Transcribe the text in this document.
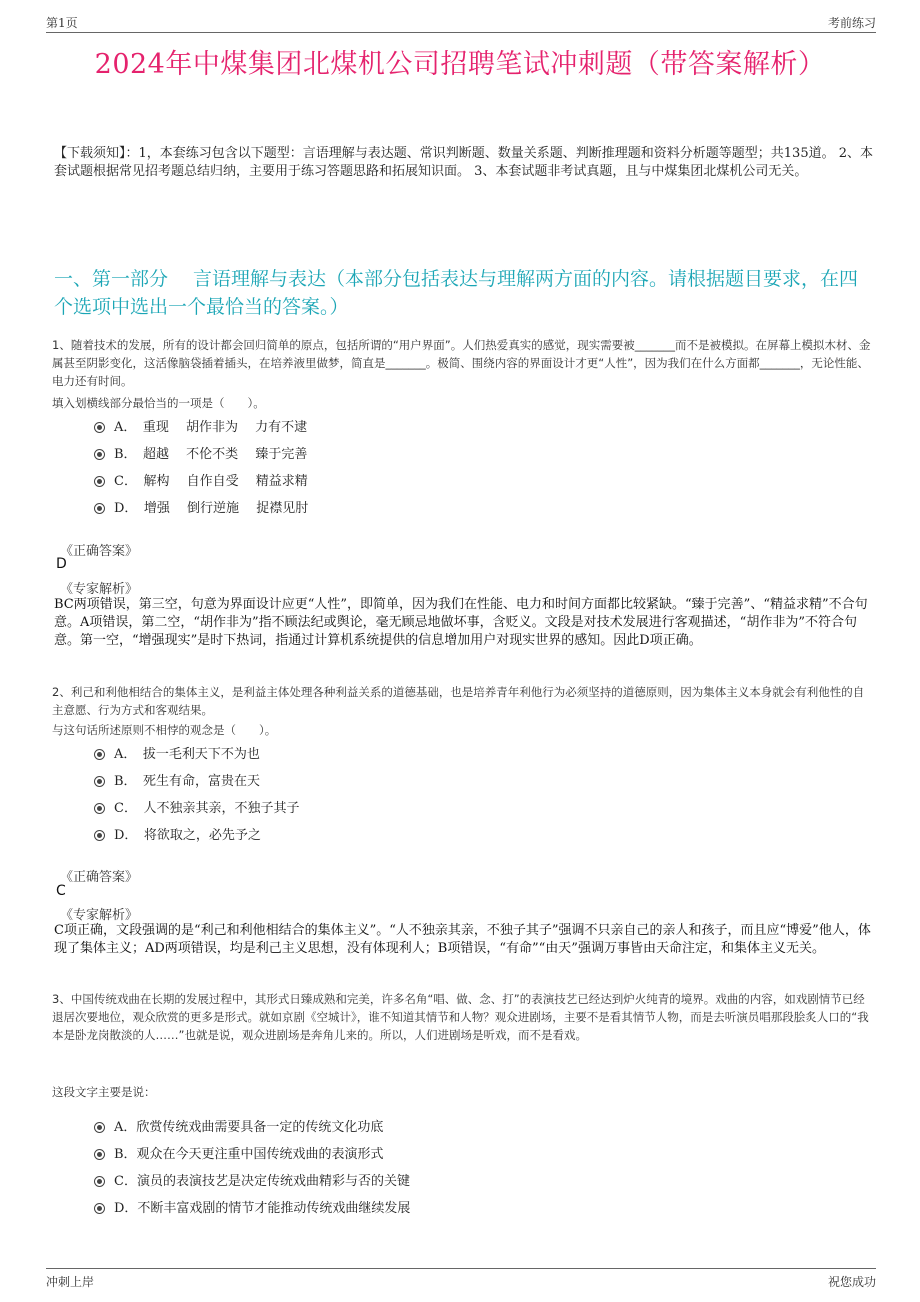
第1页	考前练习
2024年中煤集团北煤机公司招聘笔试冲刺题（带答案解析）
【下载须知】：1，本套练习包含以下题型：言语理解与表达题、常识判断题、数量关系题、判断推理题和资料分析题等题型；共135道。 2、本套试题根据常见招考题总结归纳，主要用于练习答题思路和拓展知识面。 3、本套试题非考试真题，且与中煤集团北煤机公司无关。
一、第一部分　 言语理解与表达（本部分包括表达与理解两方面的内容。请根据题目要求，在四个选项中选出一个最恰当的答案。）
1、随着技术的发展，所有的设计都会回归简单的原点，包括所谓的“用户界面”。人们热爱真实的感觉，现实需要被_______而不是被模拟。在屏幕上模拟木材、金属甚至阴影变化，这活像脑袋插着插头，在培养液里做梦，简直是_______。极简、围绕内容的界面设计才更“人性”，因为我们在什么方面都_______，无论性能、电力还有时间。
填入划横线部分最恰当的一项是（　　）。
A．　重现　 胡作非为　 力有不逮
B．　超越　 不伦不类　 臻于完善
C．　解构　 自作自受　 精益求精
D．　增强　 倒行逆施　 捉襟见肘
《正确答案》
D
《专家解析》
BC两项错误，第三空，句意为界面设计应更“人性”，即简单，因为我们在性能、电力和时间方面都比较紧缺。“臻于完善”、“精益求精”不合句意。A项错误，第二空，“胡作非为”指不顾法纪或舆论，毫无顾忌地做坏事，含贬义。文段是对技术发展进行客观描述，“胡作非为”不符合句意。第一空，“增强现实”是时下热词，指通过计算机系统提供的信息增加用户对现实世界的感知。因此D项正确。
2、利己和利他相结合的集体主义，是利益主体处理各种利益关系的道德基础，也是培养青年利他行为必须坚持的道德原则，因为集体主义本身就会有利他性的自主意愿、行为方式和客观结果。
与这句话所述原则不相悖的观念是（　　）。
A．　拔一毛利天下不为也
B．　死生有命，富贵在天
C．　人不独亲其亲，不独子其子
D．　将欲取之，必先予之
《正确答案》
C
《专家解析》
C项正确，文段强调的是“利己和利他相结合的集体主义”。“人不独亲其亲，不独子其子”强调不只亲自己的亲人和孩子，而且应“博爱”他人，体现了集体主义；AD两项错误，均是利己主义思想，没有体现利人；B项错误，“有命”“由天”强调万事皆由天命注定，和集体主义无关。
3、中国传统戏曲在长期的发展过程中，其形式日臻成熟和完美，许多名角“唱、做、念、打”的表演技艺已经达到炉火纯青的境界。戏曲的内容，如戏剧情节已经退居次要地位，观众欣赏的更多是形式。就如京剧《空城计》，谁不知道其情节和人物？观众进剧场，主要不是看其情节人物，而是去听演员唱那段脍炙人口的“我本是卧龙岗散淡的人……”也就是说，观众进剧场是奔角儿来的。所以，人们进剧场是听戏，而不是看戏。
这段文字主要是说：
A．欣赏传统戏曲需要具备一定的传统文化功底
B．观众在今天更注重中国传统戏曲的表演形式
C．演员的表演技艺是决定传统戏曲精彩与否的关键
D．不断丰富戏剧的情节才能推动传统戏曲继续发展
冲刺上岸	祝您成功
